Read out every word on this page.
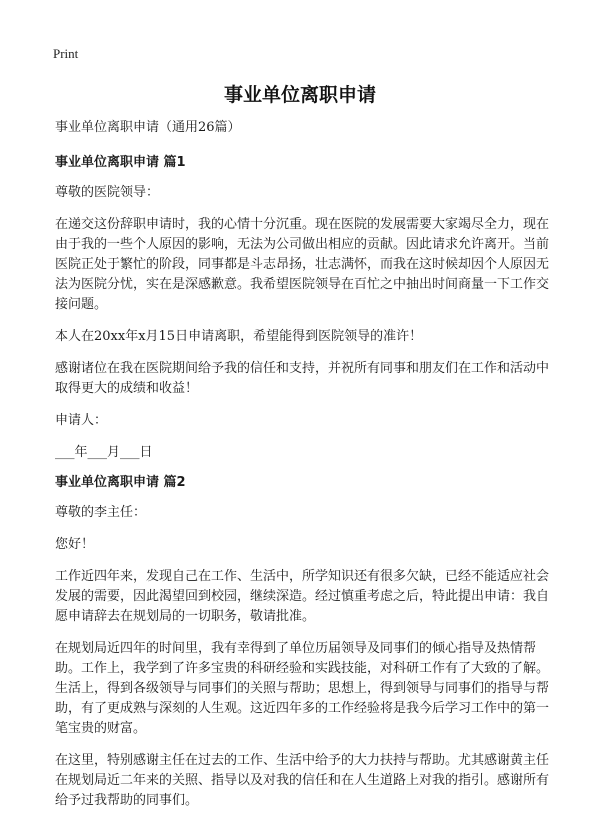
Print
事业单位离职申请

事业单位离职申请（通用26篇）

事业单位离职申请 篇1

尊敬的医院领导：

在递交这份辞职申请时，我的心情十分沉重。现在医院的发展需要大家竭尽全力，现在由于我的一些个人原因的影响，无法为公司做出相应的贡献。因此请求允许离开。当前医院正处于繁忙的阶段，同事都是斗志昂扬，壮志满怀，而我在这时候却因个人原因无法为医院分忧，实在是深感歉意。我希望医院领导在百忙之中抽出时间商量一下工作交接问题。

本人在20xx年x月15日申请离职，希望能得到医院领导的准许！

感谢诸位在我在医院期间给予我的信任和支持，并祝所有同事和朋友们在工作和活动中取得更大的成绩和收益！

申请人：

___年___月___日

事业单位离职申请 篇2

尊敬的李主任：

您好！

工作近四年来，发现自己在工作、生活中，所学知识还有很多欠缺，已经不能适应社会发展的需要，因此渴望回到校园，继续深造。经过慎重考虑之后，特此提出申请：我自愿申请辞去在规划局的一切职务，敬请批准。

在规划局近四年的时间里，我有幸得到了单位历届领导及同事们的倾心指导及热情帮助。工作上，我学到了许多宝贵的科研经验和实践技能，对科研工作有了大致的了解。生活上，得到各级领导与同事们的关照与帮助；思想上，得到领导与同事们的指导与帮助，有了更成熟与深刻的人生观。这近四年多的工作经验将是我今后学习工作中的第一笔宝贵的财富。

在这里，特别感谢主任在过去的工作、生活中给予的大力扶持与帮助。尤其感谢黄主任在规划局近二年来的关照、指导以及对我的信任和在人生道路上对我的指引。感谢所有给予过我帮助的同事们。
